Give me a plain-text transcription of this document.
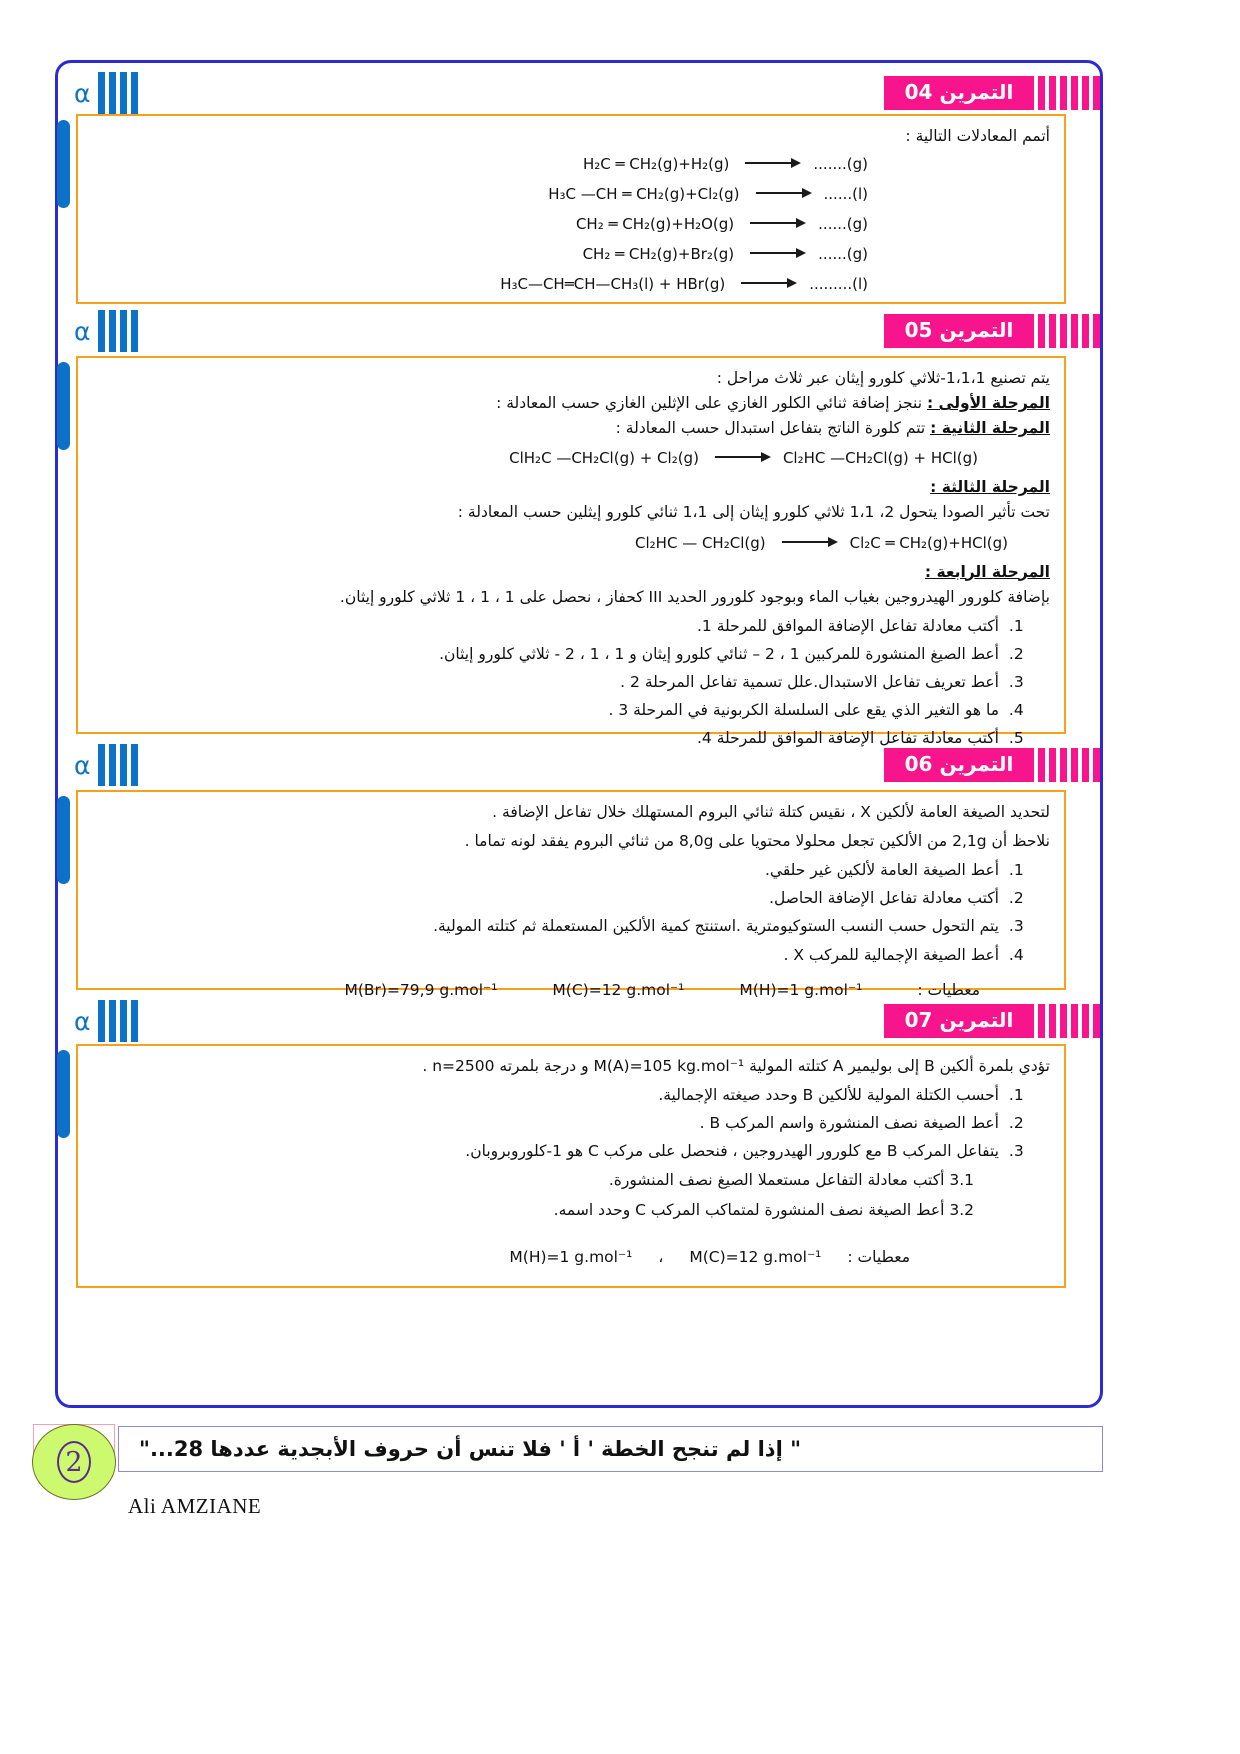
α	التمرين 04
أتمم المعادلات التالية :
H₂C ═ CH₂(g)+H₂(g)	.......(g)
H₃C —CH ═ CH₂(g)+Cl₂(g)	......(l)
CH₂ ═ CH₂(g)+H₂O(g)	......(g)
CH₂ ═ CH₂(g)+Br₂(g)	......(g)
H₃C—CH═CH—CH₃(l) + HBr(g)	.........(l)
α	التمرين 05
يتم تصنيع 1،1،1-ثلاثي كلورو إيثان عبر ثلاث مراحل :
المرحلة الأولى : ننجز إضافة ثنائي الكلور الغازي على الإثلين الغازي حسب المعادلة :
المرحلة الثانية : تتم كلورة الناتج بتفاعل استبدال حسب المعادلة :
ClH₂C —CH₂Cl(g) + Cl₂(g)	Cl₂HC —CH₂Cl(g) + HCl(g)
المرحلة الثالثة :
تحت تأثير الصودا يتحول 2، 1،1 ثلاثي كلورو إيثان إلى 1،1 ثنائي كلورو إيثلين حسب المعادلة :
Cl₂HC — CH₂Cl(g)	Cl₂C ═ CH₂(g)+HCl(g)
المرحلة الرابعة :
بإضافة كلورور الهيدروجين بغياب الماء وبوجود كلورور الحديد III كحفاز ، نحصل على 1 ، 1 ، 1 ثلاثي كلورو إيثان.
1. أكتب معادلة تفاعل الإضافة الموافق للمرحلة 1.
2. أعط الصيغ المنشورة للمركبين 1 ، 2 – ثنائي كلورو إيثان و 1 ، 1 ، 2 - ثلاثي كلورو إيثان.
3. أعط تعريف تفاعل الاستبدال.علل تسمية تفاعل المرحلة 2 .
4. ما هو التغير الذي يقع على السلسلة الكربونية في المرحلة 3 .
5. أكتب معادلة تفاعل الإضافة الموافق للمرحلة 4.
α	التمرين 06
لتحديد الصيغة العامة لألكين X ، نقيس كتلة ثنائي البروم المستهلك خلال تفاعل الإضافة .
نلاحظ أن 2,1g من الألكين تجعل محلولا محتويا على 8,0g من ثنائي البروم يفقد لونه تماما .
1. أعط الصيغة العامة لألكين غير حلقي.
2. أكتب معادلة تفاعل الإضافة الحاصل.
3. يتم التحول حسب النسب الستوكيومترية .استنتج كمية الألكين المستعملة ثم كتلته المولية.
4. أعط الصيغة الإجمالية للمركب X .
معطيات :
M(H)=1 g.mol⁻¹
M(C)=12 g.mol⁻¹
M(Br)=79,9 g.mol⁻¹
α	التمرين 07
تؤدي بلمرة ألكين B إلى بوليمير A كتلته المولية M(A)=105 kg.mol⁻¹ و درجة بلمرته n=2500 .
1. أحسب الكتلة المولية للألكين B وحدد صيغته الإجمالية.
2. أعط الصيغة نصف المنشورة واسم المركب B .
3. يتفاعل المركب B مع كلورور الهيدروجين ، فنحصل على مركب C هو 1-كلوروبروبان.
3.1 أكتب معادلة التفاعل مستعملا الصيغ نصف المنشورة.
3.2 أعط الصيغة نصف المنشورة لمتماكب المركب C وحدد اسمه.
معطيات :
M(C)=12 g.mol⁻¹
،
M(H)=1 g.mol⁻¹
" إذا لم تنجح الخطة ' أ ' فلا تنس أن حروف الأبجدية عددها 28..."
2
Ali AMZIANE
